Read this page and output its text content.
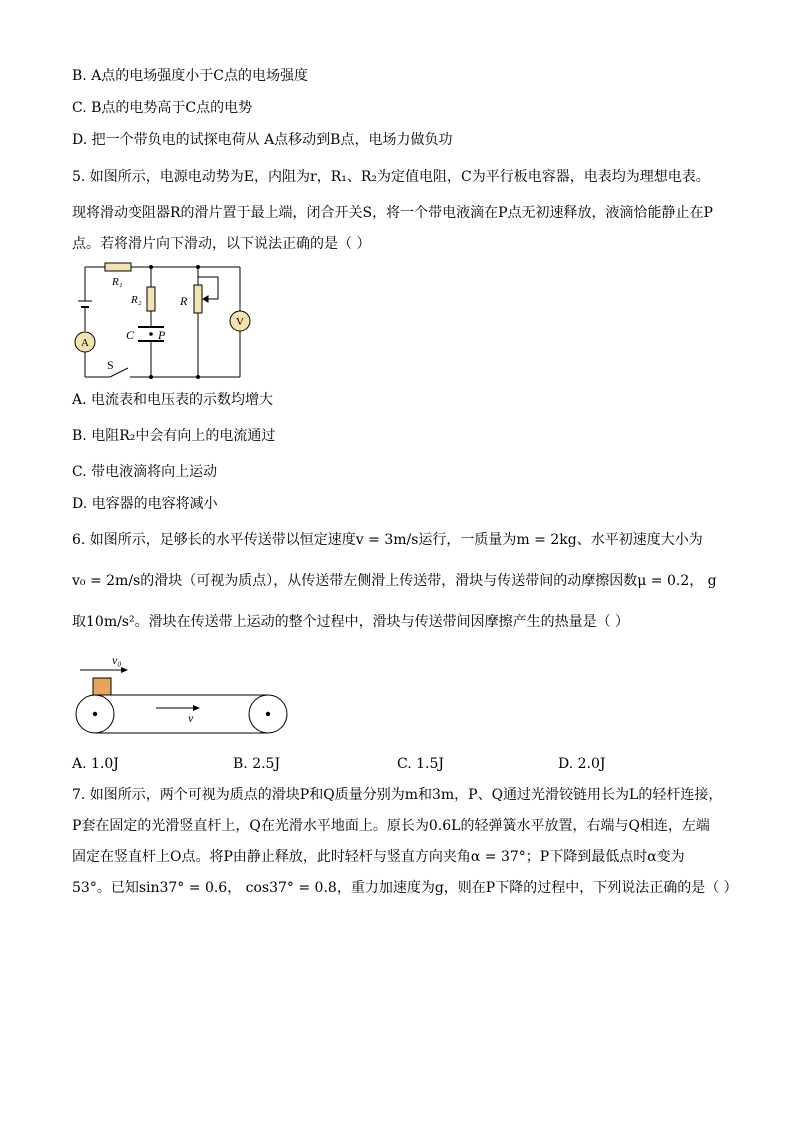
B. A点的电场强度小于C点的电场强度
C. B点的电势高于C点的电势
D. 把一个带负电的试探电荷从 A点移动到B点，电场力做负功
5. 如图所示，电源电动势为E，内阻为r，R₁、R₂为定值电阻，C为平行板电容器，电表均为理想电表。
现将滑动变阻器R的滑片置于最上端，闭合开关S，将一个带电液滴在P点无初速释放，液滴恰能静止在P
点。若将滑片向下滑动，以下说法正确的是（ ）
R₁
R₂	R
C P
A
V
S
A. 电流表和电压表的示数均增大
B. 电阻R₂中会有向上的电流通过
C. 带电液滴将向上运动
D. 电容器的电容将减小
6. 如图所示，足够长的水平传送带以恒定速度v = 3m/s运行，一质量为m = 2kg、水平初速度大小为
v₀ = 2m/s的滑块（可视为质点），从传送带左侧滑上传送带，滑块与传送带间的动摩擦因数μ = 0.2， g
取10m/s²。滑块在传送带上运动的整个过程中，滑块与传送带间因摩擦产生的热量是（ ）
v₀
v
A. 1.0J	B. 2.5J	C. 1.5J	D. 2.0J
7. 如图所示，两个可视为质点的滑块P和Q质量分别为m和3m，P、Q通过光滑铰链用长为L的轻杆连接，
P套在固定的光滑竖直杆上，Q在光滑水平地面上。原长为0.6L的轻弹簧水平放置，右端与Q相连，左端
固定在竖直杆上O点。将P由静止释放，此时轻杆与竖直方向夹角α = 37°；P下降到最低点时α变为
53°。已知sin37° = 0.6， cos37° = 0.8，重力加速度为g，则在P下降的过程中，下列说法正确的是（ ）
